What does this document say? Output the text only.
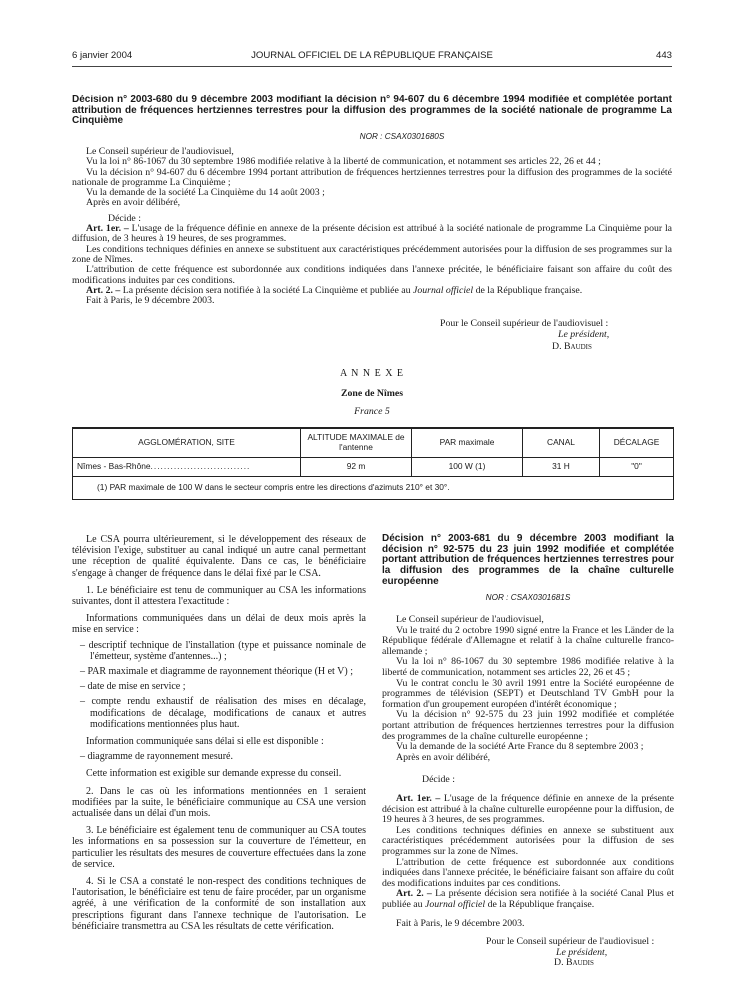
6 janvier 2004	JOURNAL OFFICIEL DE LA RÉPUBLIQUE FRANÇAISE	443

Décision n° 2003-680 du 9 décembre 2003 modifiant la décision n° 94-607 du 6 décembre 1994 modifiée et complétée portant attribution de fréquences hertziennes terrestres pour la diffusion des programmes de la société nationale de programme La Cinquième

NOR : CSAX0301680S

Le Conseil supérieur de l'audiovisuel,

Vu la loi n° 86-1067 du 30 septembre 1986 modifiée relative à la liberté de communication, et notamment ses articles 22, 26 et 44 ;

Vu la décision n° 94-607 du 6 décembre 1994 portant attribution de fréquences hertziennes terrestres pour la diffusion des programmes de la société nationale de programme La Cinquième ;

Vu la demande de la société La Cinquième du 14 août 2003 ;

Après en avoir délibéré,

Décide :

Art. 1er. – L'usage de la fréquence définie en annexe de la présente décision est attribué à la société nationale de programme La Cinquième pour la diffusion, de 3 heures à 19 heures, de ses programmes.

Les conditions techniques définies en annexe se substituent aux caractéristiques précédemment autorisées pour la diffusion de ses programmes sur la zone de Nîmes.

L'attribution de cette fréquence est subordonnée aux conditions indiquées dans l'annexe précitée, le bénéficiaire faisant son affaire du coût des modifications induites par ces conditions.

Art. 2. – La présente décision sera notifiée à la société La Cinquième et publiée au Journal officiel de la République française.

Fait à Paris, le 9 décembre 2003.

Pour le Conseil supérieur de l'audiovisuel :

Le président,

D. Baudis

A N N E X E

Zone de Nîmes

France 5

AGGLOMÉRATION, SITE	ALTITUDE MAXIMALE de l'antenne	PAR maximale	CANAL	DÉCALAGE
Nîmes - Bas-Rhône..............................	92 m	100 W (1)	31 H	"0"
(1) PAR maximale de 100 W dans le secteur compris entre les directions d'azimuts 210° et 30°.				

Le CSA pourra ultérieurement, si le développement des réseaux de télévision l'exige, substituer au canal indiqué un autre canal permettant une réception de qualité équivalente. Dans ce cas, le bénéficiaire s'engage à changer de fréquence dans le délai fixé par le CSA.

1. Le bénéficiaire est tenu de communiquer au CSA les informations suivantes, dont il attestera l'exactitude :

Informations communiquées dans un délai de deux mois après la mise en service :

– descriptif technique de l'installation (type et puissance nominale de l'émetteur, système d'antennes...) ;

– PAR maximale et diagramme de rayonnement théorique (H et V) ;

– date de mise en service ;

– compte rendu exhaustif de réalisation des mises en décalage, modifications de décalage, modifications de canaux et autres modifications mentionnées plus haut.

Information communiquée sans délai si elle est disponible :

– diagramme de rayonnement mesuré.

Cette information est exigible sur demande expresse du conseil.

2. Dans le cas où les informations mentionnées en 1 seraient modifiées par la suite, le bénéficiaire communique au CSA une version actualisée dans un délai d'un mois.

3. Le bénéficiaire est également tenu de communiquer au CSA toutes les informations en sa possession sur la couverture de l'émetteur, en particulier les résultats des mesures de couverture effectuées dans la zone de service.

4. Si le CSA a constaté le non-respect des conditions techniques de l'autorisation, le bénéficiaire est tenu de faire procéder, par un organisme agréé, à une vérification de la conformité de son installation aux prescriptions figurant dans l'annexe technique de l'autorisation. Le bénéficiaire transmettra au CSA les résultats de cette vérification.

Décision n° 2003-681 du 9 décembre 2003 modifiant la décision n° 92-575 du 23 juin 1992 modifiée et complétée portant attribution de fréquences hertziennes terrestres pour la diffusion des programmes de la chaîne culturelle européenne

NOR : CSAX0301681S

Le Conseil supérieur de l'audiovisuel,

Vu le traité du 2 octobre 1990 signé entre la France et les Länder de la République fédérale d'Allemagne et relatif à la chaîne culturelle franco-allemande ;

Vu la loi n° 86-1067 du 30 septembre 1986 modifiée relative à la liberté de communication, notamment ses articles 22, 26 et 45 ;

Vu le contrat conclu le 30 avril 1991 entre la Société européenne de programmes de télévision (SEPT) et Deutschland TV GmbH pour la formation d'un groupement européen d'intérêt économique ;

Vu la décision n° 92-575 du 23 juin 1992 modifiée et complétée portant attribution de fréquences hertziennes terrestres pour la diffusion des programmes de la chaîne culturelle européenne ;

Vu la demande de la société Arte France du 8 septembre 2003 ;

Après en avoir délibéré,

Décide :

Art. 1er. – L'usage de la fréquence définie en annexe de la présente décision est attribué à la chaîne culturelle européenne pour la diffusion, de 19 heures à 3 heures, de ses programmes.

Les conditions techniques définies en annexe se substituent aux caractéristiques précédemment autorisées pour la diffusion de ses programmes sur la zone de Nîmes.

L'attribution de cette fréquence est subordonnée aux conditions indiquées dans l'annexe précitée, le bénéficiaire faisant son affaire du coût des modifications induites par ces conditions.

Art. 2. – La présente décision sera notifiée à la société Canal Plus et publiée au Journal officiel de la République française.

Fait à Paris, le 9 décembre 2003.

Pour le Conseil supérieur de l'audiovisuel :

Le président,

D. Baudis
